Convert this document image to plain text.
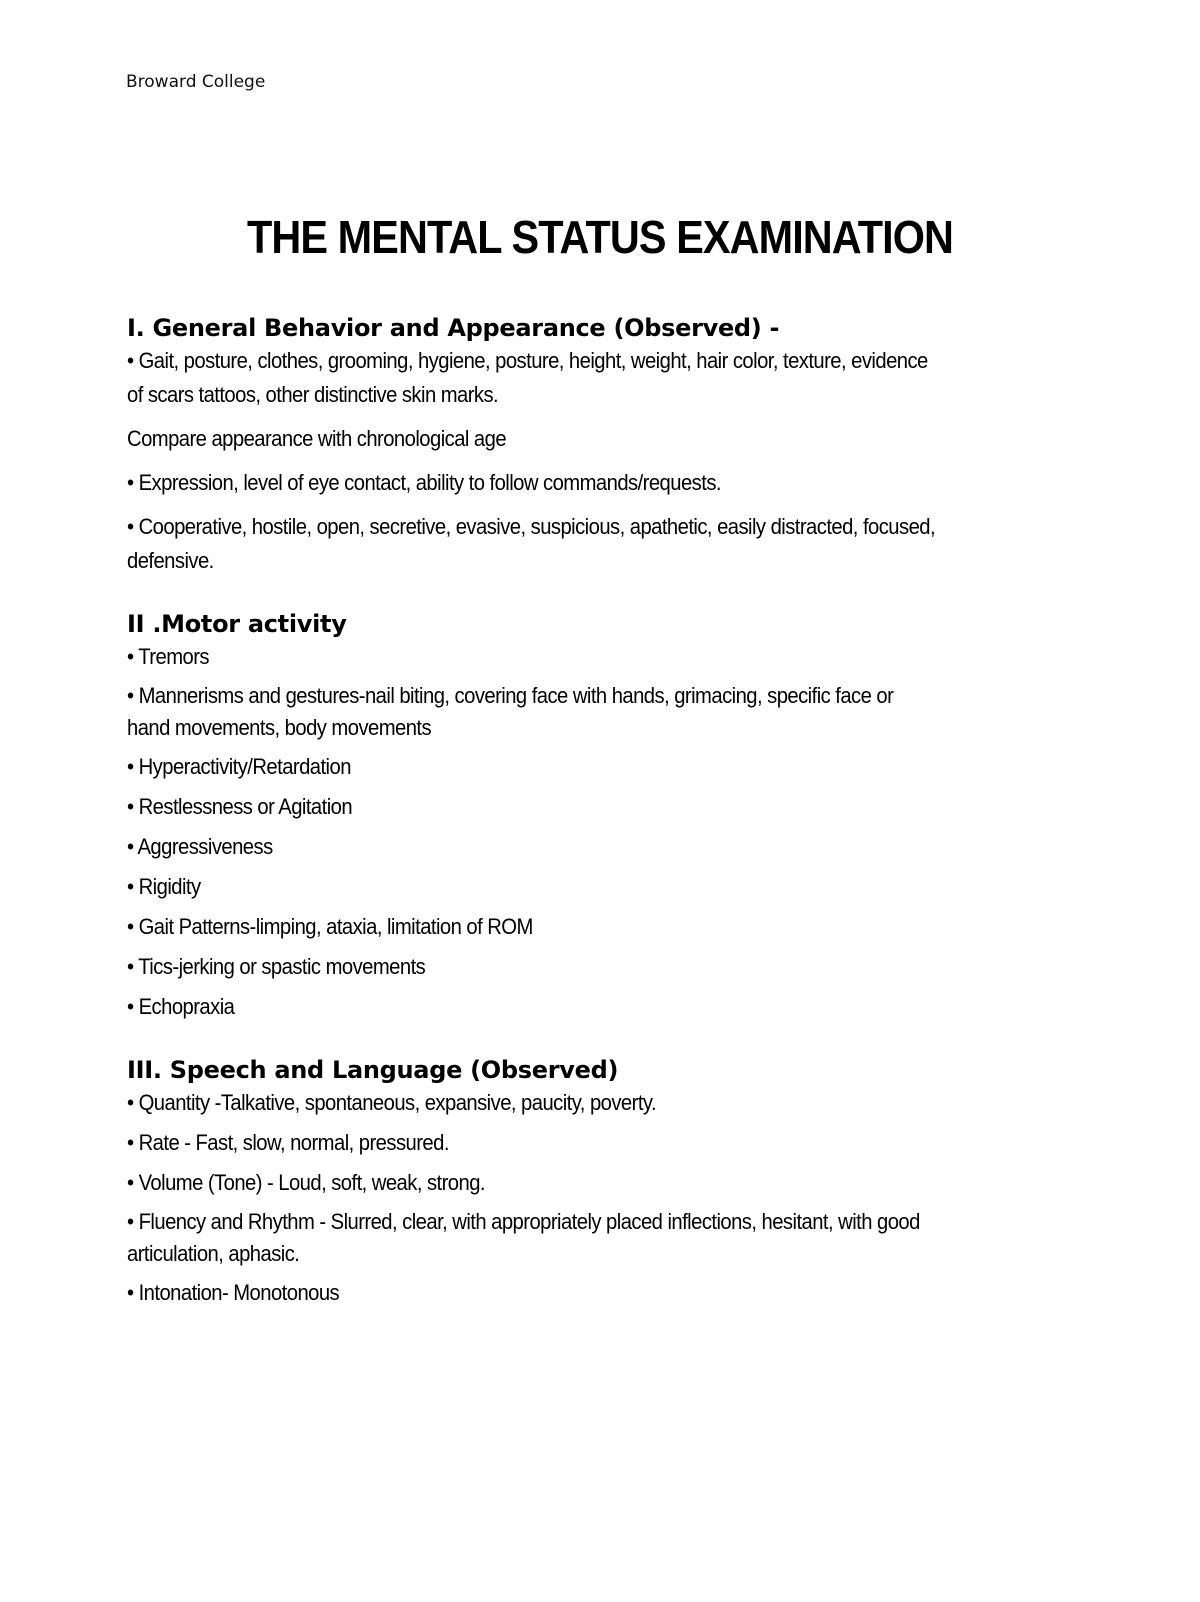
Broward College
THE MENTAL STATUS EXAMINATION
I. General Behavior and Appearance (Observed) -

• Gait, posture, clothes, grooming, hygiene, posture, height, weight, hair color, texture, evidence

of scars tattoos, other distinctive skin marks.

Compare appearance with chronological age

• Expression, level of eye contact, ability to follow commands/requests.

• Cooperative, hostile, open, secretive, evasive, suspicious, apathetic, easily distracted, focused,

defensive.

II .Motor activity

• Tremors

• Mannerisms and gestures-nail biting, covering face with hands, grimacing, specific face or

hand movements, body movements

• Hyperactivity/Retardation

• Restlessness or Agitation

• Aggressiveness

• Rigidity

• Gait Patterns-limping, ataxia, limitation of ROM

• Tics-jerking or spastic movements

• Echopraxia

III. Speech and Language (Observed)

• Quantity -Talkative, spontaneous, expansive, paucity, poverty.

• Rate - Fast, slow, normal, pressured.

• Volume (Tone) - Loud, soft, weak, strong.

• Fluency and Rhythm - Slurred, clear, with appropriately placed inflections, hesitant, with good

articulation, aphasic.

• Intonation- Monotonous
